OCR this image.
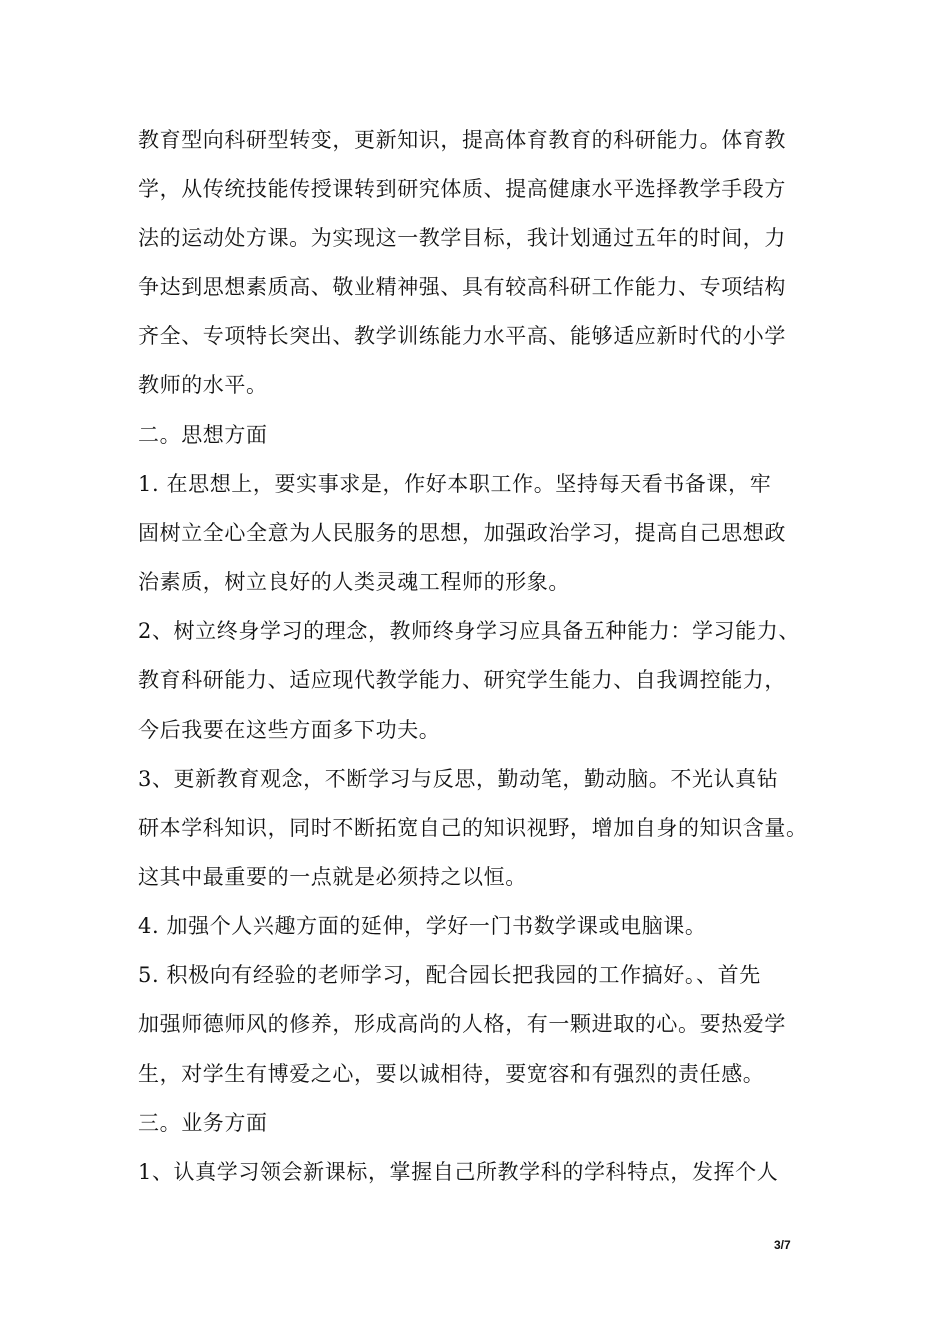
教育型向科研型转变，更新知识，提高体育教育的科研能力。体育教
学，从传统技能传授课转到研究体质、提高健康水平选择教学手段方
法的运动处方课。为实现这一教学目标，我计划通过五年的时间，力
争达到思想素质高、敬业精神强、具有较高科研工作能力、专项结构
齐全、专项特长突出、教学训练能力水平高、能够适应新时代的小学
教师的水平。
二。思想方面
1. 在思想上，要实事求是，作好本职工作。坚持每天看书备课，牢
固树立全心全意为人民服务的思想，加强政治学习，提高自己思想政
治素质，树立良好的人类灵魂工程师的形象。
2、树立终身学习的理念，教师终身学习应具备五种能力：学习能力、
教育科研能力、适应现代教学能力、研究学生能力、自我调控能力，
今后我要在这些方面多下功夫。
3、更新教育观念，不断学习与反思，勤动笔，勤动脑。不光认真钻
研本学科知识，同时不断拓宽自己的知识视野，增加自身的知识含量。
这其中最重要的一点就是必须持之以恒。
4. 加强个人兴趣方面的延伸，学好一门书数学课或电脑课。
5. 积极向有经验的老师学习，配合园长把我园的工作搞好。、首先
加强师德师风的修养，形成高尚的人格，有一颗进取的心。要热爱学
生，对学生有博爱之心，要以诚相待，要宽容和有强烈的责任感。
三。业务方面
1、认真学习领会新课标，掌握自己所教学科的学科特点，发挥个人
3/7
